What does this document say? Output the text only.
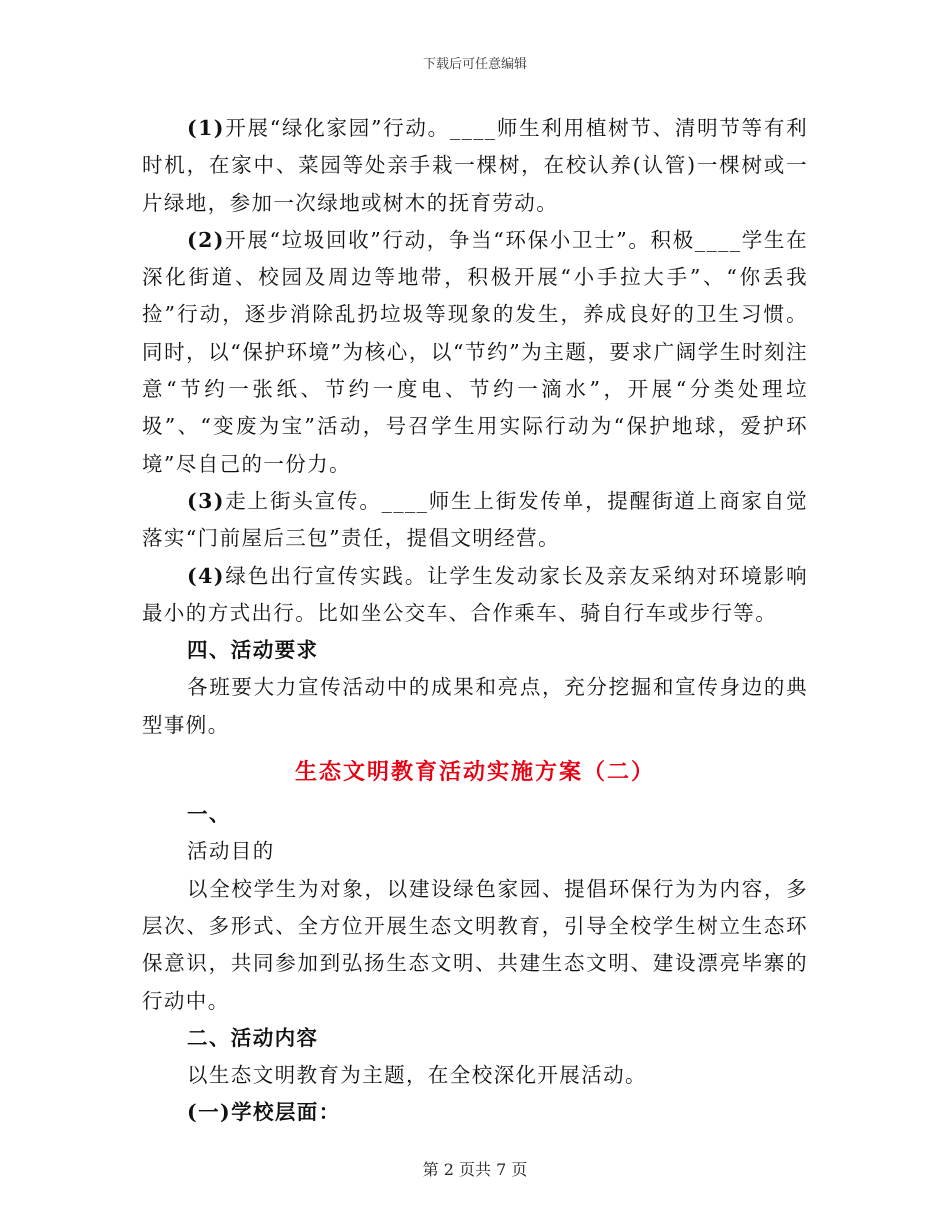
下载后可任意编辑

(1)开展“绿化家园”行动。____师生利用植树节、清明节等有利时机，在家中、菜园等处亲手栽一棵树，在校认养(认管)一棵树或一片绿地，参加一次绿地或树木的抚育劳动。

(2)开展“垃圾回收”行动，争当“环保小卫士”。积极____学生在深化街道、校园及周边等地带，积极开展“小手拉大手”、“你丢我捡”行动，逐步消除乱扔垃圾等现象的发生，养成良好的卫生习惯。同时，以“保护环境”为核心，以“节约”为主题，要求广阔学生时刻注意“节约一张纸、节约一度电、节约一滴水”，开展“分类处理垃圾”、“变废为宝”活动，号召学生用实际行动为“保护地球，爱护环境”尽自己的一份力。

(3)走上街头宣传。____师生上街发传单，提醒街道上商家自觉落实“门前屋后三包”责任，提倡文明经营。

(4)绿色出行宣传实践。让学生发动家长及亲友采纳对环境影响最小的方式出行。比如坐公交车、合作乘车、骑自行车或步行等。

四、活动要求

各班要大力宣传活动中的成果和亮点，充分挖掘和宣传身边的典型事例。

生态文明教育活动实施方案（二）

一、

活动目的

以全校学生为对象，以建设绿色家园、提倡环保行为为内容，多层次、多形式、全方位开展生态文明教育，引导全校学生树立生态环保意识，共同参加到弘扬生态文明、共建生态文明、建设漂亮毕寨的行动中。

二、活动内容

以生态文明教育为主题，在全校深化开展活动。

(一)学校层面：

第 2 页共 7 页
